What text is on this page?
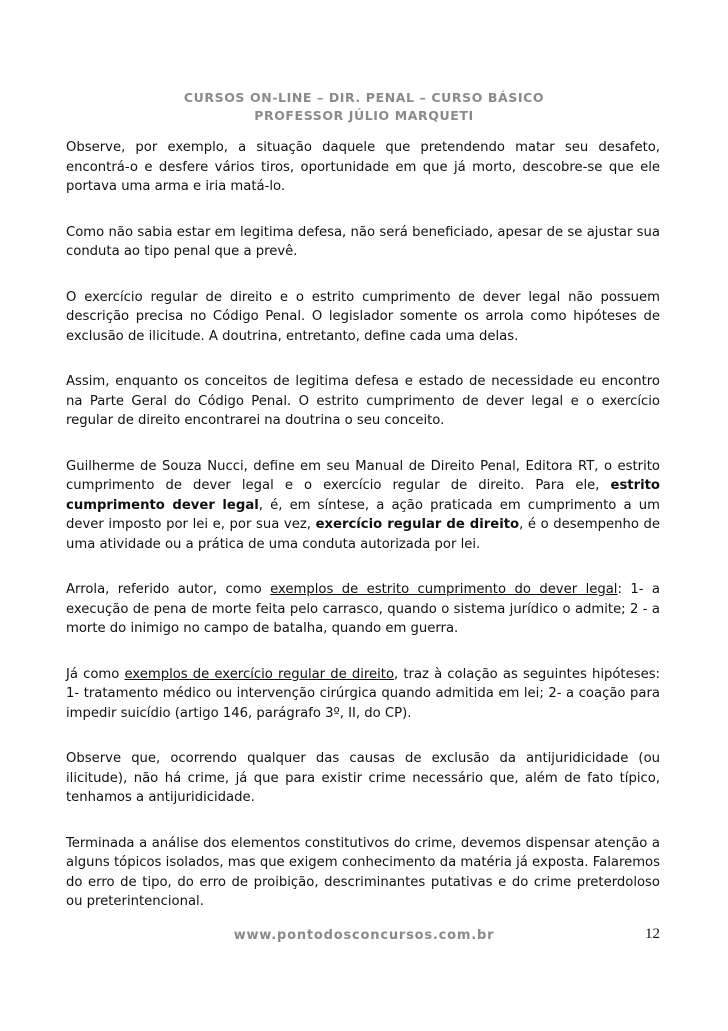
CURSOS ON-LINE – DIR. PENAL – CURSO BÁSICO
PROFESSOR JÚLIO MARQUETI

Observe, por exemplo, a situação daquele que pretendendo matar seu desafeto, encontrá-o e desfere vários tiros, oportunidade em que já morto, descobre-se que ele portava uma arma e iria matá-lo.

Como não sabia estar em legitima defesa, não será beneficiado, apesar de se ajustar sua conduta ao tipo penal que a prevê.

O exercício regular de direito e o estrito cumprimento de dever legal não possuem descrição precisa no Código Penal. O legislador somente os arrola como hipóteses de exclusão de ilicitude. A doutrina, entretanto, define cada uma delas.

Assim, enquanto os conceitos de legitima defesa e estado de necessidade eu encontro na Parte Geral do Código Penal. O estrito cumprimento de dever legal e o exercício regular de direito encontrarei na doutrina o seu conceito.

Guilherme de Souza Nucci, define em seu Manual de Direito Penal, Editora RT, o estrito cumprimento de dever legal e o exercício regular de direito. Para ele, estrito cumprimento dever legal, é, em síntese, a ação praticada em cumprimento a um dever imposto por lei e, por sua vez, exercício regular de direito, é o desempenho de uma atividade ou a prática de uma conduta autorizada por lei.

Arrola, referido autor, como exemplos de estrito cumprimento do dever legal: 1- a execução de pena de morte feita pelo carrasco, quando o sistema jurídico o admite; 2 - a morte do inimigo no campo de batalha, quando em guerra.

Já como exemplos de exercício regular de direito, traz à colação as seguintes hipóteses: 1- tratamento médico ou intervenção cirúrgica quando admitida em lei; 2- a coação para impedir suicídio (artigo 146, parágrafo 3º, II, do CP).

Observe que, ocorrendo qualquer das causas de exclusão da antijuridicidade (ou ilicitude), não há crime, já que para existir crime necessário que, além de fato típico, tenhamos a antijuridicidade.

Terminada a análise dos elementos constitutivos do crime, devemos dispensar atenção a alguns tópicos isolados, mas que exigem conhecimento da matéria já exposta. Falaremos do erro de tipo, do erro de proibição, descriminantes putativas e do crime preterdoloso ou preterintencional.

www.pontodosconcursos.com.br	12
